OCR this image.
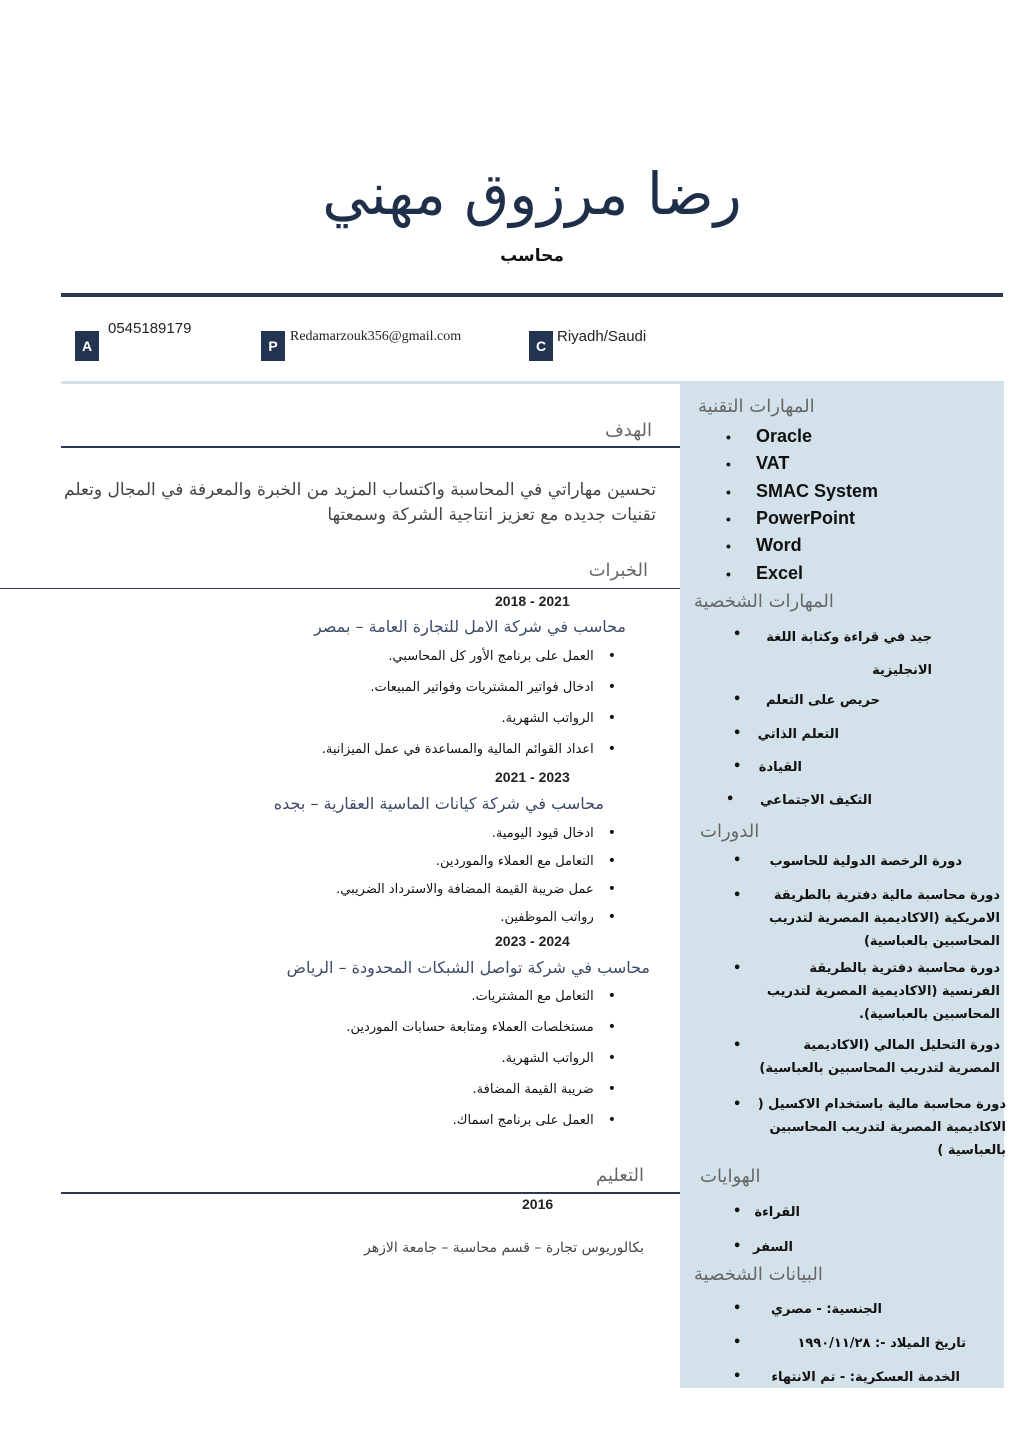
رضا مرزوق مهني
محاسب
A
0545189179
P
Redamarzouk356@gmail.com
C
Riyadh/Saudi
الهدف
تحسين مهاراتي في المحاسبة واكتساب المزيد من الخبرة والمعرفة في المجال وتعلم تقنيات جديده مع تعزيز انتاجية الشركة وسمعتها
الخبرات
2018 - 2021
محاسب في شركة الامل للتجارة العامة – بمصر
• العمل على برنامج الأور كل المحاسبي.
• ادخال فواتير المشتريات وفواتير المبيعات.
• الرواتب الشهرية.
• اعداد القوائم المالية والمساعدة في عمل الميزانية.
2021 - 2023
محاسب في شركة كيانات الماسية العقارية – بجده
• ادخال قيود اليومية.
• التعامل مع العملاء والموردين.
• عمل ضريبة القيمة المضافة والاسترداد الضريبي.
• رواتب الموظفين.
2023 - 2024
محاسب في شركة تواصل الشبكات المحدودة – الرياض
• التعامل مع المشتريات.
• مستخلصات العملاء ومتابعة حسابات الموردين.
• الرواتب الشهرية.
• ضريبة القيمة المضافة.
• العمل على برنامج اسماك.
التعليم
2016
بكالوريوس تجارة – قسم محاسبة – جامعة الازهر
المهارات التقنية
• Oracle
• VAT
• SMAC System
• PowerPoint
• Word
• Excel
المهارات الشخصية
جيد في قراءة وكتابة اللغة الانجليزية
•
حريص على التعلم
•
التعلم الذاتي
•
القيادة
•
التكيف الاجتماعي
•
الدورات
دورة الرخصة الدولية للحاسوب
•
دورة محاسبة مالية دفترية بالطريقة الامريكية (الاكاديمية المصرية لتدريب المحاسبين بالعباسية)
•
دورة محاسبة دفترية بالطريقة الفرنسية (الاكاديمية المصرية لتدريب المحاسبين بالعباسية).
•
دورة التحليل المالي (الاكاديمية المصرية لتدريب المحاسبين بالعباسية)
•
دورة محاسبة مالية باستخدام الاكسيل ( الاكاديمية المصرية لتدريب المحاسبين بالعباسية )
•
الهوايات
القراءة
•
السفر
•
البيانات الشخصية
الجنسية: - مصري
•
تاريخ الميلاد -: ١٩٩٠/١١/٢٨
•
الخدمة العسكرية: - تم الانتهاء
•
